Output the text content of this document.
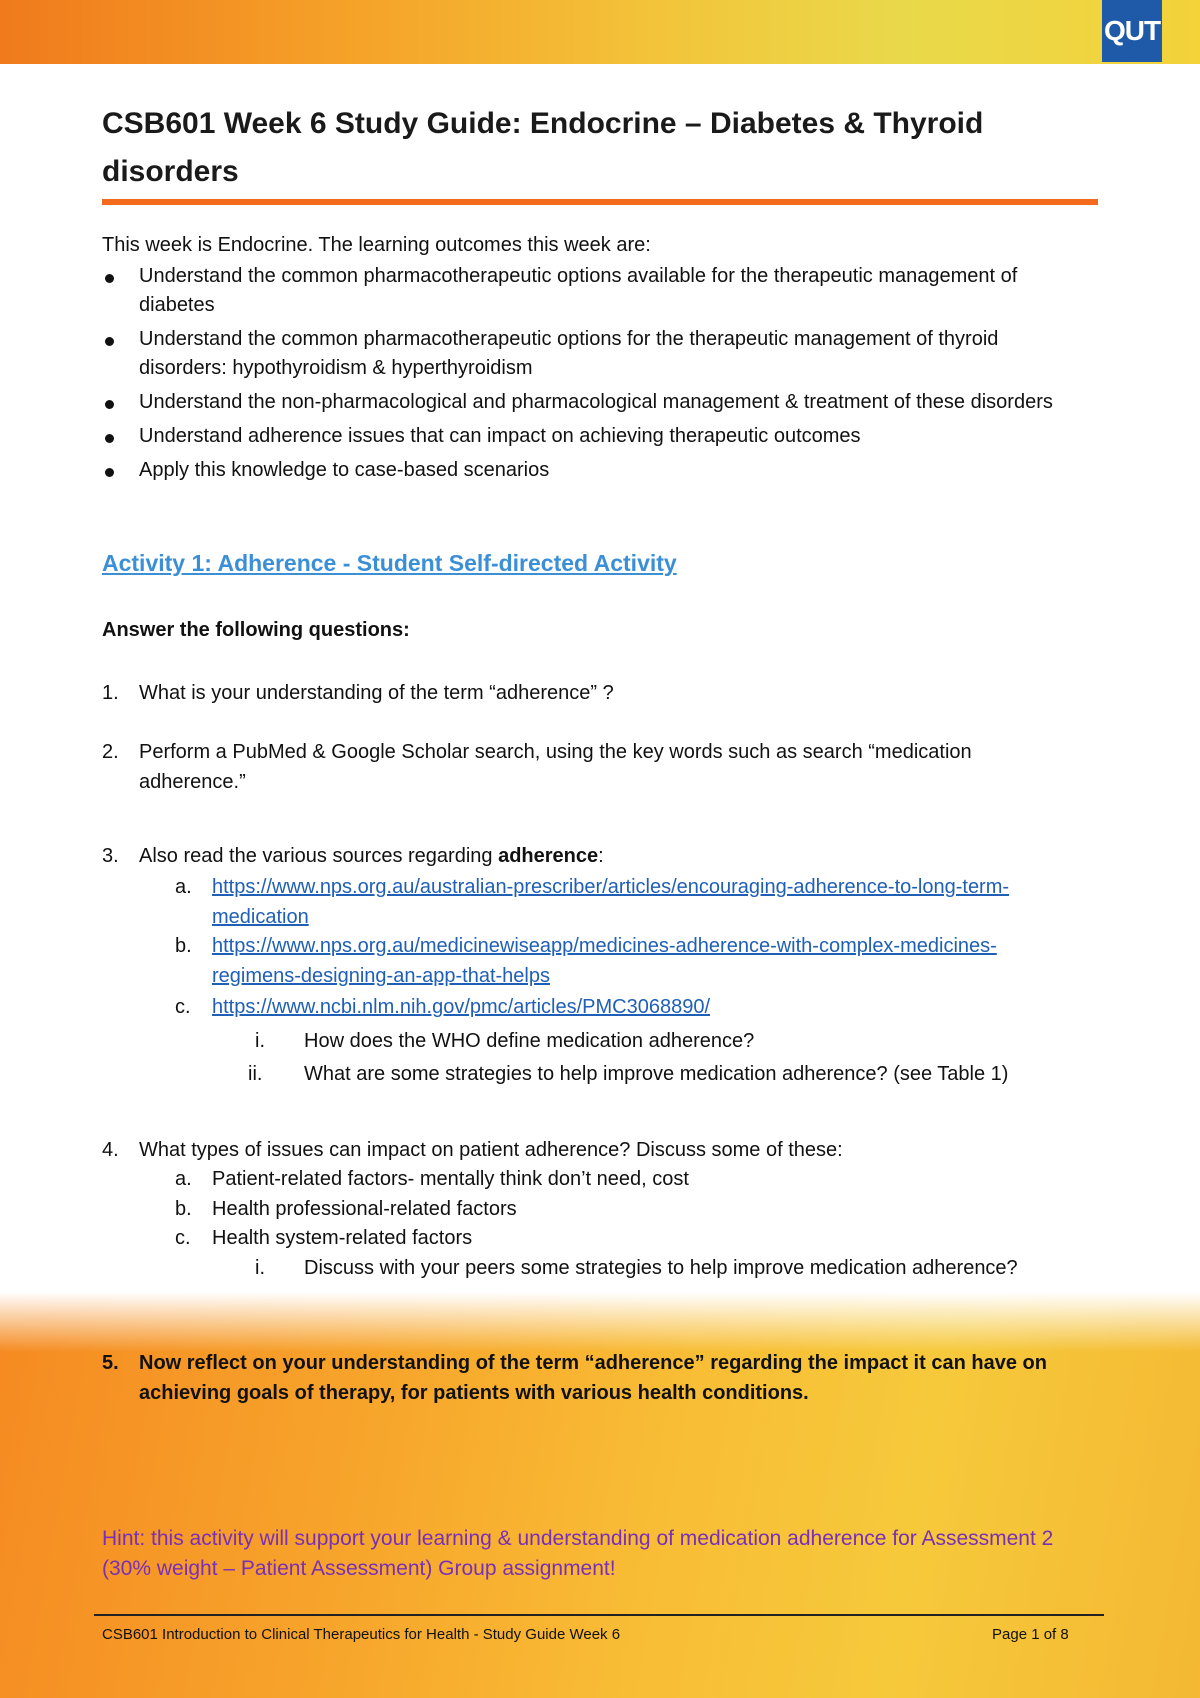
QUT
CSB601 Week 6 Study Guide: Endocrine – Diabetes & Thyroid disorders

This week is Endocrine. The learning outcomes this week are:

Understand the common pharmacotherapeutic options available for the therapeutic management of diabetes
Understand the common pharmacotherapeutic options for the therapeutic management of thyroid disorders: hypothyroidism & hyperthyroidism
Understand the non-pharmacological and pharmacological management & treatment of these disorders
Understand adherence issues that can impact on achieving therapeutic outcomes
Apply this knowledge to case-based scenarios
Activity 1: Adherence - Student Self-directed Activity

Answer the following questions:

1. What is your understanding of the term “adherence” ?
2. Perform a PubMed & Google Scholar search, using the key words such as search “medication adherence.”
3. Also read the various sources regarding adherence:
a. https://www.nps.org.au/australian-prescriber/articles/encouraging-adherence-to-long-term-medication
b. https://www.nps.org.au/medicinewiseapp/medicines-adherence-with-complex-medicines-regimens-designing-an-app-that-helps
c. https://www.ncbi.nlm.nih.gov/pmc/articles/PMC3068890/
i. How does the WHO define medication adherence?
ii. What are some strategies to help improve medication adherence? (see Table 1)
4. What types of issues can impact on patient adherence? Discuss some of these:
a. Patient-related factors- mentally think don’t need, cost
b. Health professional-related factors
c. Health system-related factors
i. Discuss with your peers some strategies to help improve medication adherence?
5. Now reflect on your understanding of the term “adherence” regarding the impact it can have on achieving goals of therapy, for patients with various health conditions.

Hint: this activity will support your learning & understanding of medication adherence for Assessment 2 (30% weight – Patient Assessment) Group assignment!

CSB601 Introduction to Clinical Therapeutics for Health - Study Guide Week 6	Page 1 of 8
